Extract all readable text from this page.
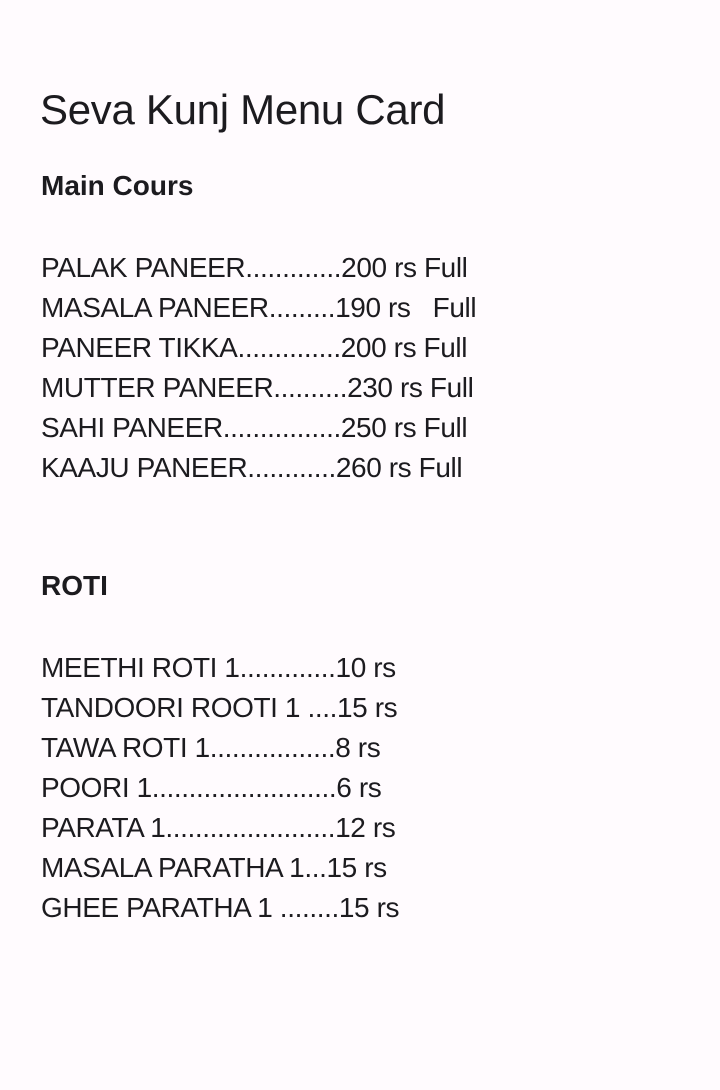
Seva Kunj Menu Card
Main Cours
PALAK PANEER.............200 rs Full
MASALA PANEER.........190 rs   Full
PANEER TIKKA..............200 rs Full
MUTTER PANEER..........230 rs Full
SAHI PANEER................250 rs Full
KAAJU PANEER............260 rs Full
ROTI
MEETHI ROTI 1.............10 rs
TANDOORI ROOTI 1 ....15 rs
TAWA ROTI 1.................8 rs
POORI 1.........................6 rs
PARATA 1.......................12 rs
MASALA PARATHA 1...15 rs
GHEE PARATHA 1 ........15 rs
